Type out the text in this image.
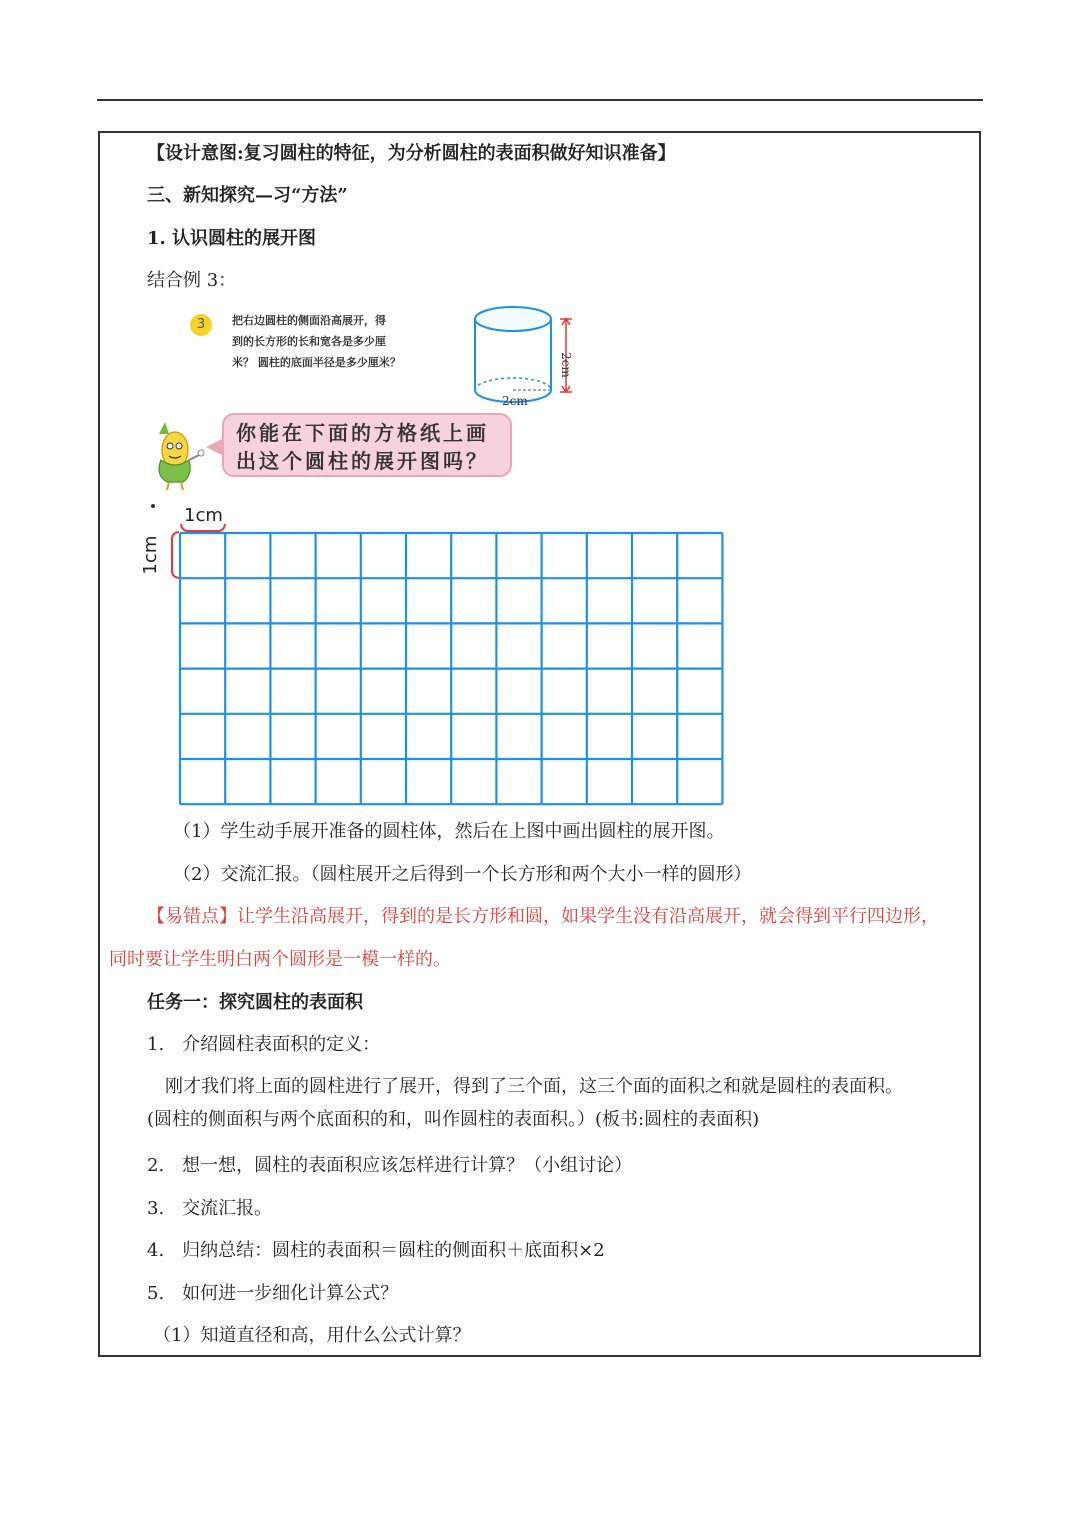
【设计意图:复习圆柱的特征，为分析圆柱的表面积做好知识准备】
三、新知探究—习“方法”
1. 认识圆柱的展开图
结合例 3：
3	把右边圆柱的侧面沿高展开，得
到的长方形的长和宽各是多少厘
米？ 圆柱的底面半径是多少厘米？	2cm
2cm
你能在下面的方格纸上画
出这个圆柱的展开图吗？
1cm
1cm
（1）学生动手展开准备的圆柱体，然后在上图中画出圆柱的展开图。
（2）交流汇报。（圆柱展开之后得到一个长方形和两个大小一样的圆形）
【易错点】让学生沿高展开，得到的是长方形和圆，如果学生没有沿高展开，就会得到平行四边形，
同时要让学生明白两个圆形是一模一样的。
任务一：探究圆柱的表面积
1.　介绍圆柱表面积的定义：
刚才我们将上面的圆柱进行了展开，得到了三个面，这三个面的面积之和就是圆柱的表面积。
(圆柱的侧面积与两个底面积的和，叫作圆柱的表面积。）(板书:圆柱的表面积)
2.　想一想，圆柱的表面积应该怎样进行计算？（小组讨论）
3.　交流汇报。
4.　归纳总结：圆柱的表面积＝圆柱的侧面积＋底面积×2
5.　如何进一步细化计算公式？
（1）知道直径和高，用什么公式计算？
